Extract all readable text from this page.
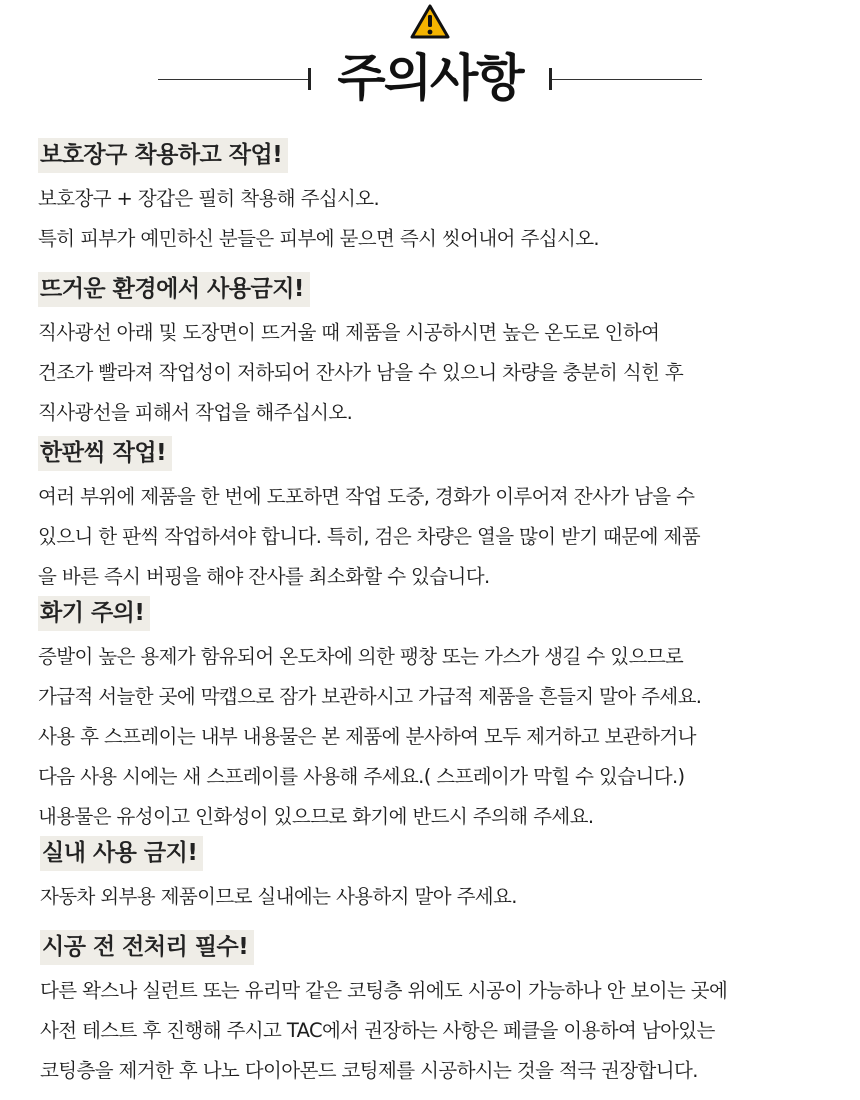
주의사항
보호장구 착용하고 작업!
보호장구 + 장갑은 필히 착용해 주십시오.
특히 피부가 예민하신 분들은 피부에 묻으면 즉시 씻어내어 주십시오.
뜨거운 환경에서 사용금지!
직사광선 아래 및 도장면이 뜨거울 때 제품을 시공하시면 높은 온도로 인하여
건조가 빨라져 작업성이 저하되어 잔사가 남을 수 있으니 차량을 충분히 식힌 후
직사광선을 피해서 작업을 해주십시오.
한판씩 작업!
여러 부위에 제품을 한 번에 도포하면 작업 도중, 경화가 이루어져 잔사가 남을 수
있으니 한 판씩 작업하셔야 합니다. 특히, 검은 차량은 열을 많이 받기 때문에 제품
을 바른 즉시 버핑을 해야 잔사를 최소화할 수 있습니다.
화기 주의!
증발이 높은 용제가 함유되어 온도차에 의한 팽창 또는 가스가 생길 수 있으므로
가급적 서늘한 곳에 막캡으로 잠가 보관하시고 가급적 제품을 흔들지 말아 주세요.
사용 후 스프레이는 내부 내용물은 본 제품에 분사하여 모두 제거하고 보관하거나
다음 사용 시에는 새 스프레이를 사용해 주세요.( 스프레이가 막힐 수 있습니다.)
내용물은 유성이고 인화성이 있으므로 화기에 반드시 주의해 주세요.
실내 사용 금지!
자동차 외부용 제품이므로 실내에는 사용하지 말아 주세요.
시공 전 전처리 필수!
다른 왁스나 실런트 또는 유리막 같은 코팅층 위에도 시공이 가능하나 안 보이는 곳에
사전 테스트 후 진행해 주시고 TAC에서 권장하는 사항은 페클을 이용하여 남아있는
코팅층을 제거한 후 나노 다이아몬드 코팅제를 시공하시는 것을 적극 권장합니다.
